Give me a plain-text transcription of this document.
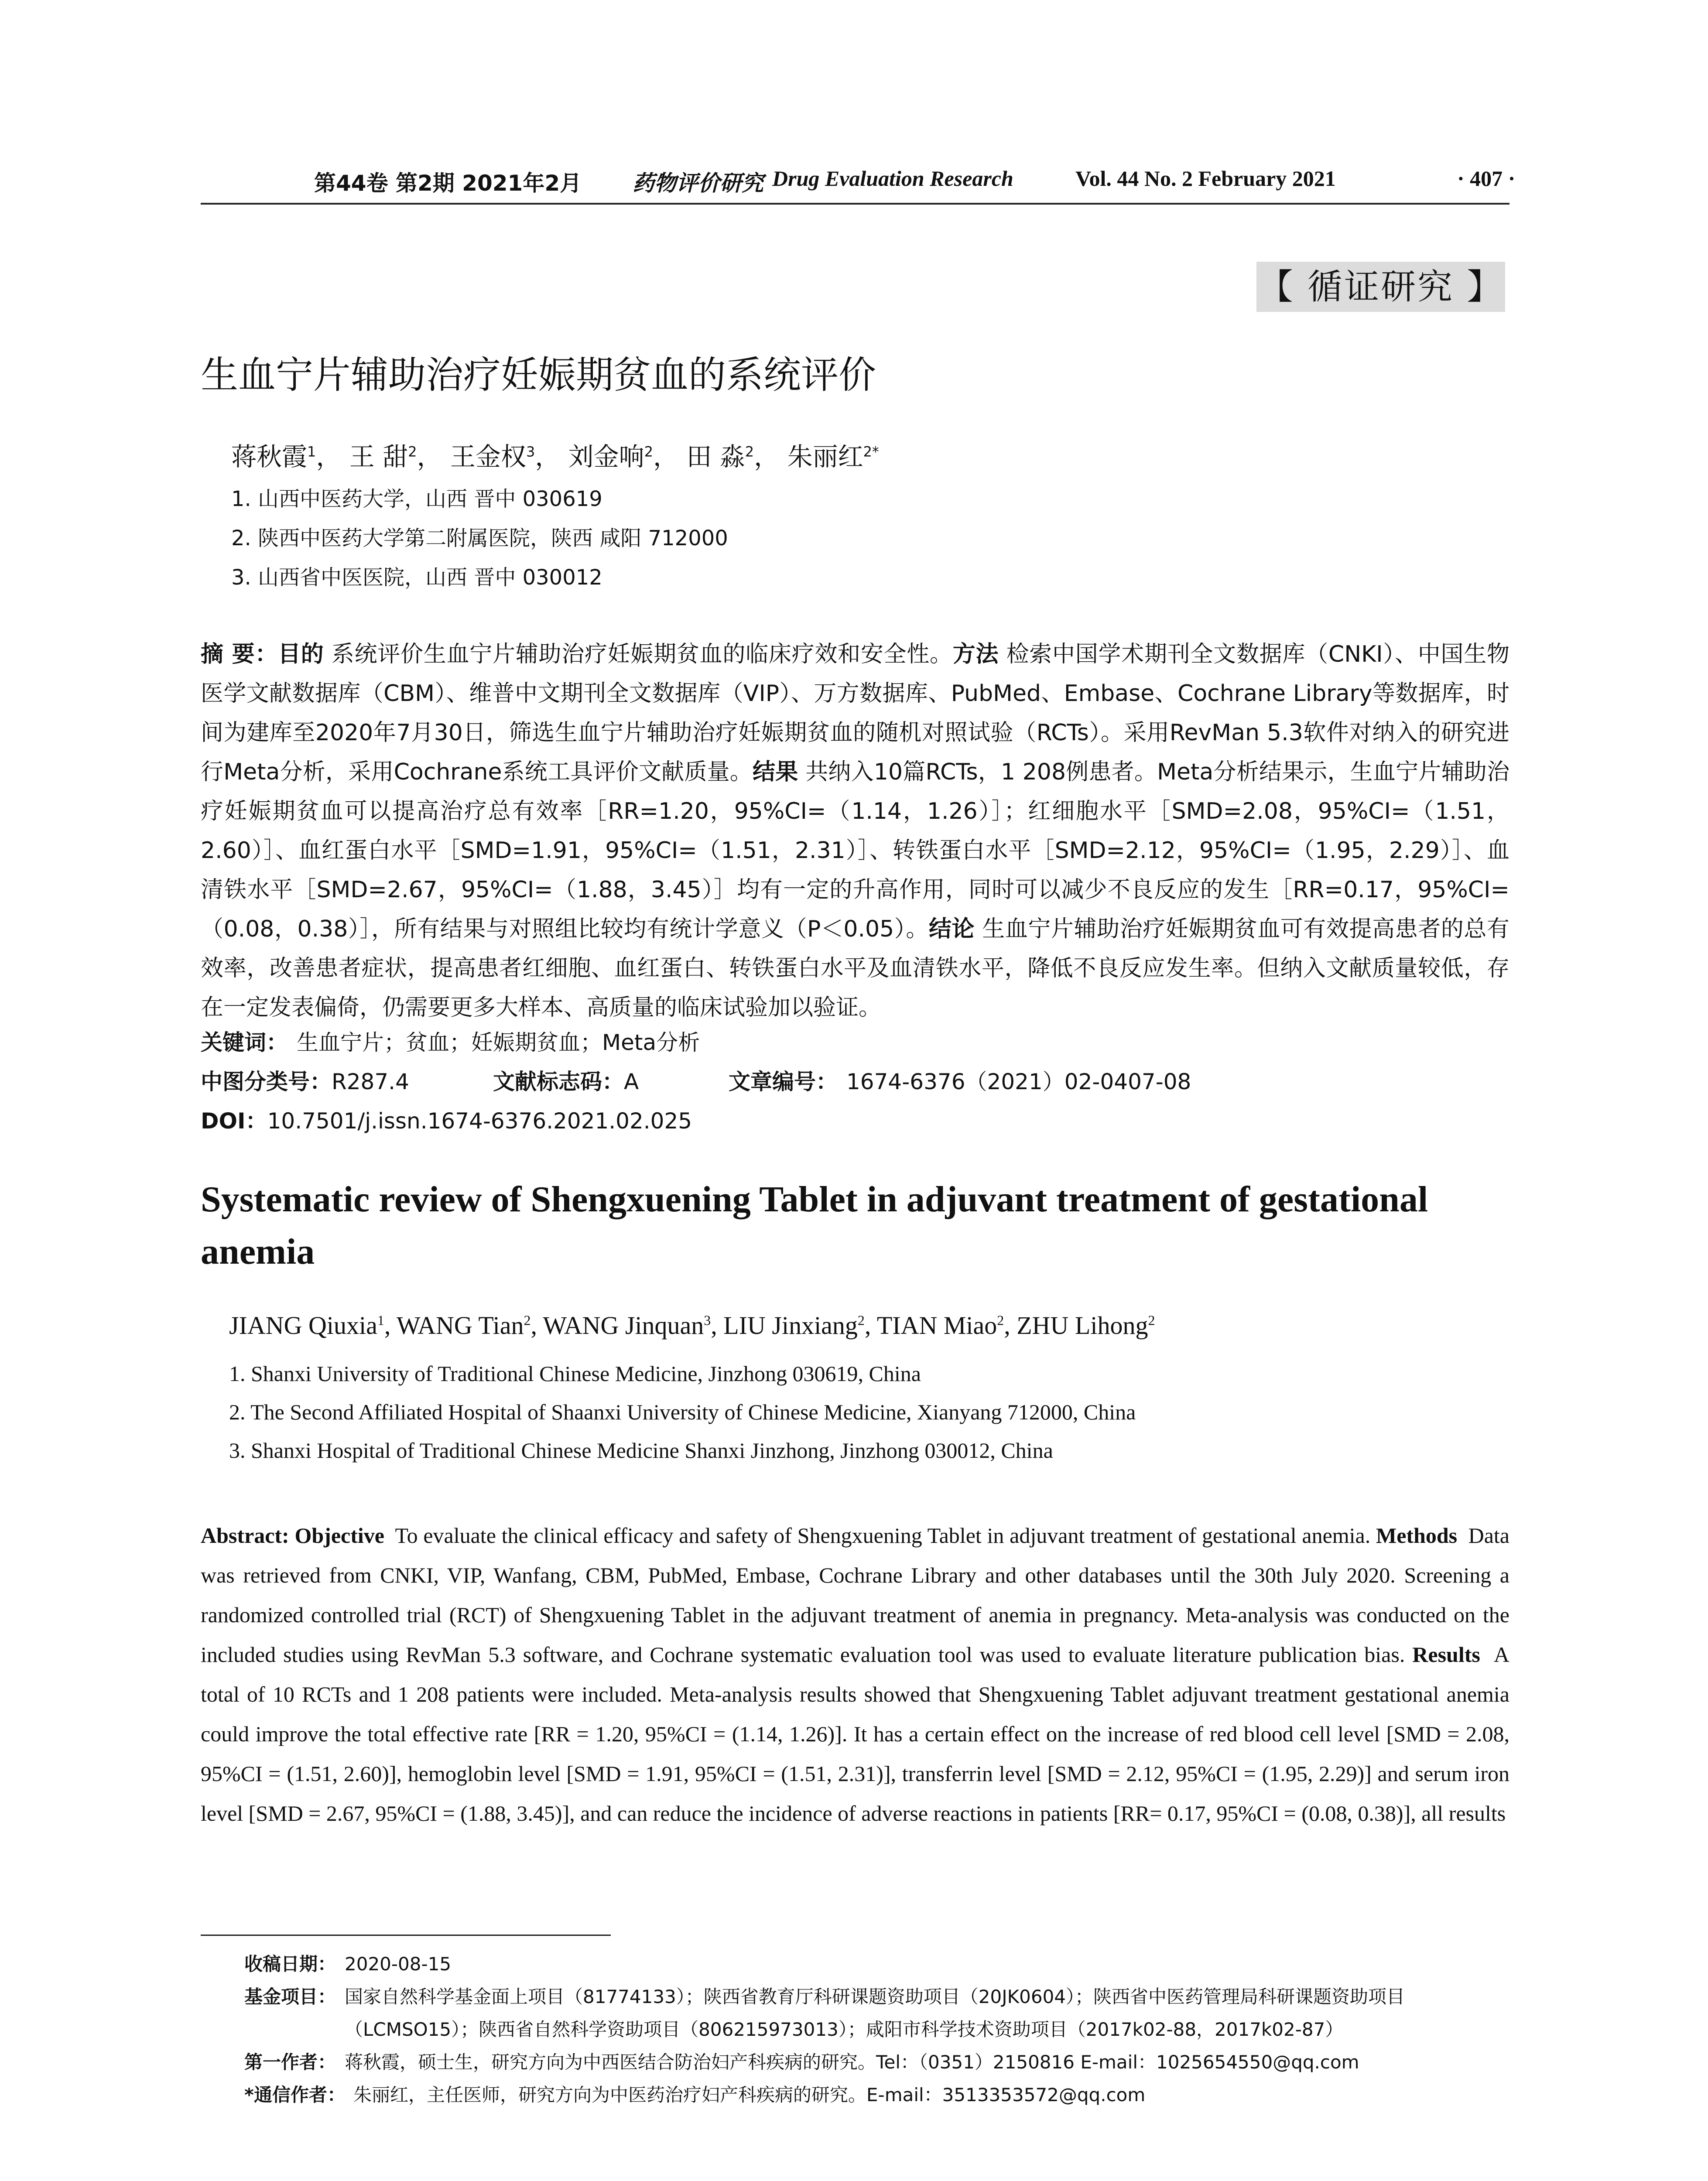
第44卷 第2期 2021年2月 药物评价研究 Drug Evaluation Research	Vol. 44 No. 2 February 2021	· 407 ·
【 循证研究 】
生血宁片辅助治疗妊娠期贫血的系统评价
蒋秋霞$^1$， 王 甜$^2$， 王金权$^3$， 刘金响$^2$， 田 淼$^2$， 朱丽红$^{2*}$
1. 山西中医药大学，山西 晋中 030619
2. 陕西中医药大学第二附属医院，陕西 咸阳 712000
3. 山西省中医医院，山西 晋中 030012
摘 要：目的 系统评价生血宁片辅助治疗妊娠期贫血的临床疗效和安全性。方法 检索中国学术期刊全文数据库（CNKI）、中国生物医学文献数据库（CBM）、维普中文期刊全文数据库（VIP）、万方数据库、PubMed、Embase、Cochrane Library等数据库，时间为建库至2020年7月30日，筛选生血宁片辅助治疗妊娠期贫血的随机对照试验（RCTs）。采用RevMan 5.3软件对纳入的研究进行Meta分析，采用Cochrane系统工具评价文献质量。结果 共纳入10篇RCTs，1 208例患者。Meta分析结果示，生血宁片辅助治疗妊娠期贫血可以提高治疗总有效率［RR=1.20，95%CI=（1.14，1.26）］；红细胞水平［SMD=2.08，95%CI=（1.51，2.60）］、血红蛋白水平［SMD=1.91，95%CI=（1.51，2.31）］、转铁蛋白水平［SMD=2.12，95%CI=（1.95，2.29）］、血清铁水平［SMD=2.67，95%CI=（1.88，3.45）］均有一定的升高作用，同时可以减少不良反应的发生［RR=0.17，95%CI=（0.08，0.38）］，所有结果与对照组比较均有统计学意义（P＜0.05）。结论 生血宁片辅助治疗妊娠期贫血可有效提高患者的总有效率，改善患者症状，提高患者红细胞、血红蛋白、转铁蛋白水平及血清铁水平，降低不良反应发生率。但纳入文献质量较低，存在一定发表偏倚，仍需要更多大样本、高质量的临床试验加以验证。
关键词： 生血宁片；贫血；妊娠期贫血；Meta分析
中图分类号：R287.4	文献标志码：A	文章编号： 1674-6376（2021）02-0407-08
DOI：10.7501/j.issn.1674-6376.2021.02.025
Systematic review of Shengxuening Tablet in adjuvant treatment of gestational anemia
JIANG Qiuxia$^1$, WANG Tian$^2$, WANG Jinquan$^3$, LIU Jinxiang$^2$, TIAN Miao$^2$, ZHU Lihong$^2$
1. Shanxi University of Traditional Chinese Medicine, Jinzhong 030619, China
2. The Second Affiliated Hospital of Shaanxi University of Chinese Medicine, Xianyang 712000, China
3. Shanxi Hospital of Traditional Chinese Medicine Shanxi Jinzhong, Jinzhong 030012, China
Abstract: Objective To evaluate the clinical efficacy and safety of Shengxuening Tablet in adjuvant treatment of gestational anemia. Methods Data was retrieved from CNKI, VIP, Wanfang, CBM, PubMed, Embase, Cochrane Library and other databases until the 30th July 2020. Screening a randomized controlled trial (RCT) of Shengxuening Tablet in the adjuvant treatment of anemia in pregnancy. Meta-analysis was conducted on the included studies using RevMan 5.3 software, and Cochrane systematic evaluation tool was used to evaluate literature publication bias. Results A total of 10 RCTs and 1 208 patients were included. Meta-analysis results showed that Shengxuening Tablet adjuvant treatment gestational anemia could improve the total effective rate [RR = 1.20, 95%CI = (1.14, 1.26)]. It has a certain effect on the increase of red blood cell level [SMD = 2.08, 95%CI = (1.51, 2.60)], hemoglobin level [SMD = 1.91, 95%CI = (1.51, 2.31)], transferrin level [SMD = 2.12, 95%CI = (1.95, 2.29)] and serum iron level [SMD = 2.67, 95%CI = (1.88, 3.45)], and can reduce the incidence of adverse reactions in patients [RR= 0.17, 95%CI = (0.08, 0.38)], all results
收稿日期： 2020-08-15
基金项目： 国家自然科学基金面上项目（81774133）；陕西省教育厅科研课题资助项目（20JK0604）；陕西省中医药管理局科研课题资助项目（LCMSO15）；陕西省自然科学资助项目（806215973013）；咸阳市科学技术资助项目（2017k02-88，2017k02-87）
第一作者： 蒋秋霞，硕士生，研究方向为中西医结合防治妇产科疾病的研究。Tel：（0351）2150816 E-mail：1025654550@qq.com
*通信作者： 朱丽红，主任医师，研究方向为中医药治疗妇产科疾病的研究。E-mail：3513353572@qq.com
